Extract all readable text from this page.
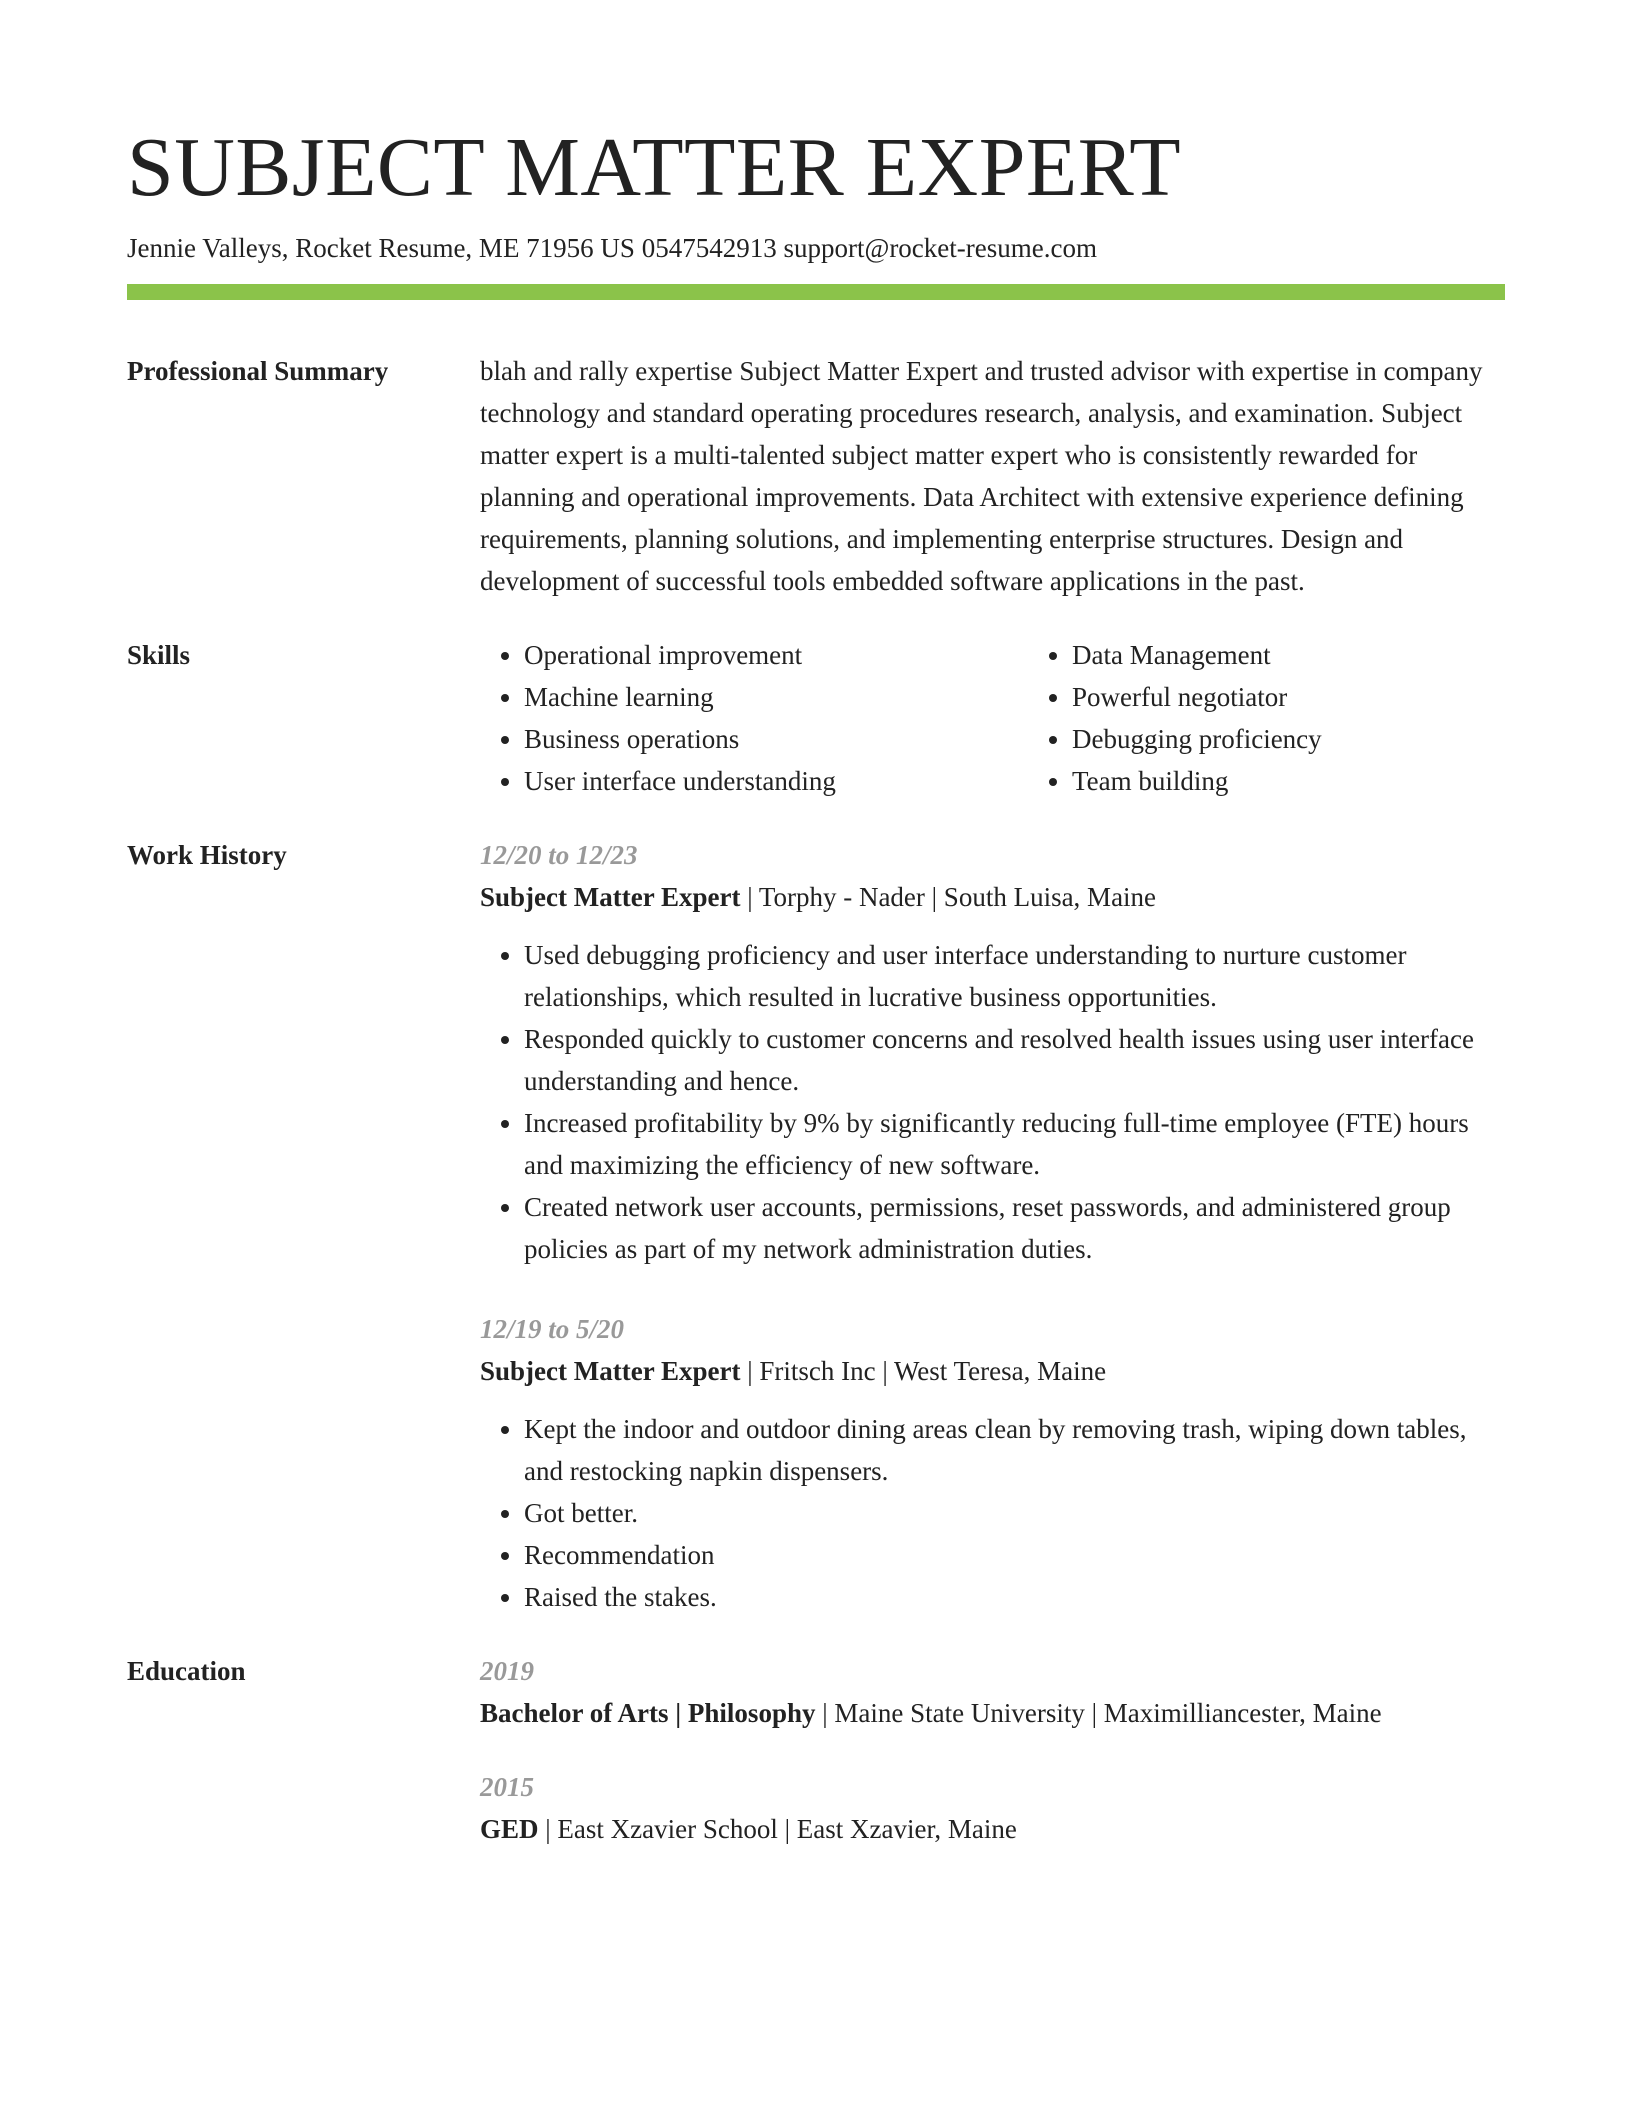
SUBJECT MATTER EXPERT
Jennie Valleys, Rocket Resume, ME 71956 US 0547542913 support@rocket-resume.com
Professional Summary	blah and rally expertise Subject Matter Expert and trusted advisor with expertise in company technology and standard operating procedures research, analysis, and examination. Subject matter expert is a multi-talented subject matter expert who is consistently rewarded for planning and operational improvements. Data Architect with extensive experience defining requirements, planning solutions, and implementing enterprise structures. Design and development of successful tools embedded software applications in the past.
Skills
•	Operational improvement
• Machine learning
• Business operations
• User interface understanding
• Data Management
• Powerful negotiator
• Debugging proficiency
• Team building
Work History	12/20 to 12/23
Subject Matter Expert | Torphy - Nader | South Luisa, Maine
• Used debugging proficiency and user interface understanding to nurture customer relationships, which resulted in lucrative business opportunities.
• Responded quickly to customer concerns and resolved health issues using user interface understanding and hence.
• Increased profitability by 9% by significantly reducing full-time employee (FTE) hours and maximizing the efficiency of new software.
• Created network user accounts, permissions, reset passwords, and administered group policies as part of my network administration duties.
12/19 to 5/20
Subject Matter Expert | Fritsch Inc | West Teresa, Maine
• Kept the indoor and outdoor dining areas clean by removing trash, wiping down tables, and restocking napkin dispensers.
• Got better.
• Recommendation
• Raised the stakes.
Education	2019
Bachelor of Arts | Philosophy | Maine State University | Maximilliancester, Maine
2015
GED | East Xzavier School | East Xzavier, Maine
